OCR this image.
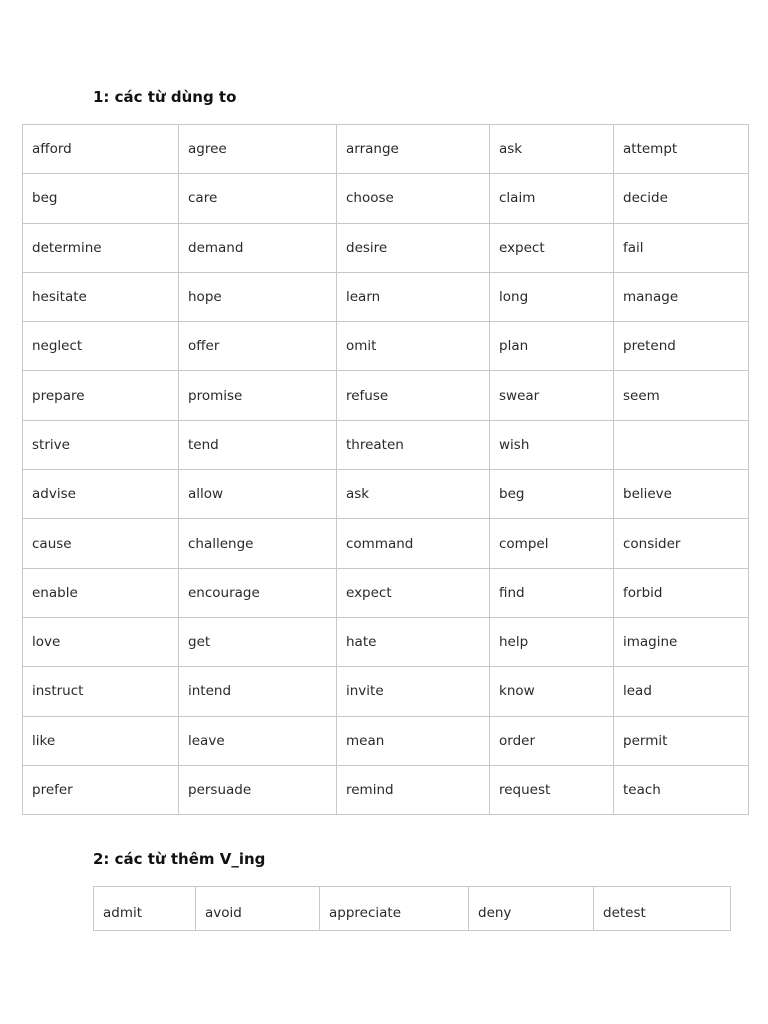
1: các từ dùng to
afford	agree	arrange	ask	attempt
beg	care	choose	claim	decide
determine	demand	desire	expect	fail
hesitate	hope	learn	long	manage
neglect	offer	omit	plan	pretend
prepare	promise	refuse	swear	seem
strive	tend	threaten	wish	
advise	allow	ask	beg	believe
cause	challenge	command	compel	consider
enable	encourage	expect	find	forbid
love	get	hate	help	imagine
instruct	intend	invite	know	lead
like	leave	mean	order	permit
prefer	persuade	remind	request	teach
2: các từ thêm V_ing
admit	avoid	appreciate	deny	detest
